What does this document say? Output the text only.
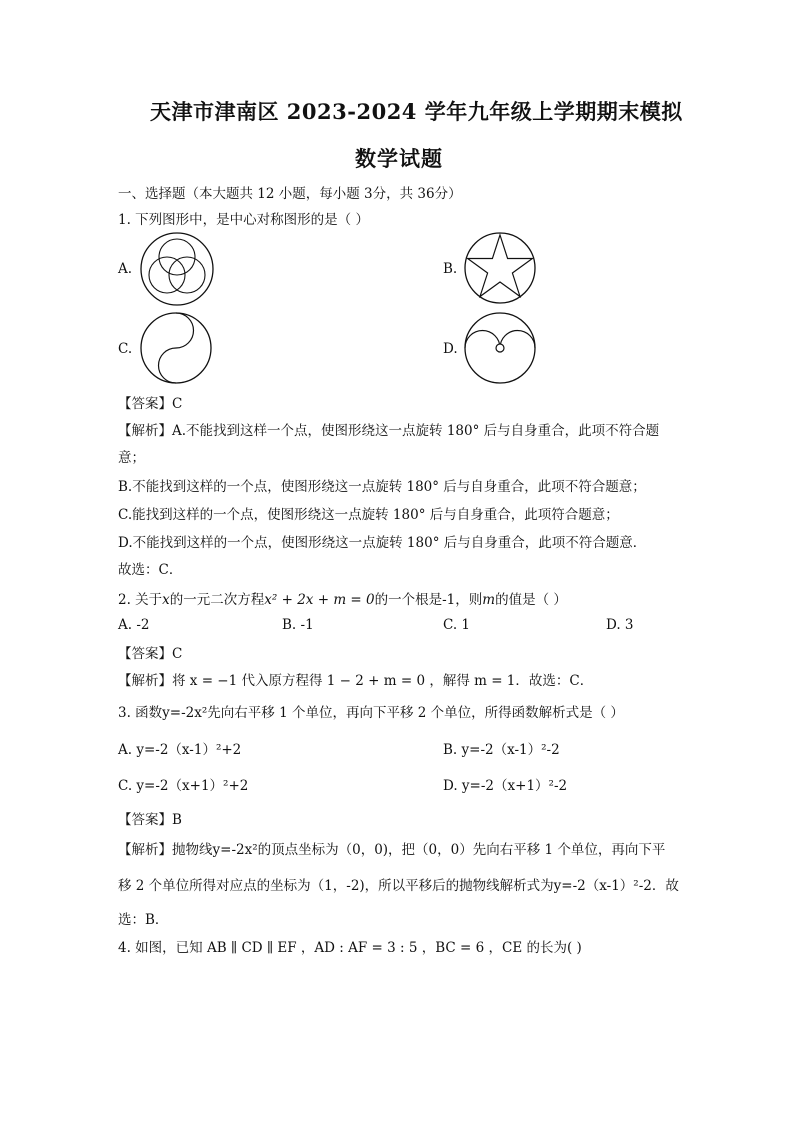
天津市津南区 2023-2024 学年九年级上学期期末模拟
数学试题
一、选择题（本大题共 12 小题，每小题 3分，共 36分）
1. 下列图形中，是中心对称图形的是（ ）
A.	B.
C.	D.
【答案】C
【解析】A.不能找到这样一个点，使图形绕这一点旋转 180° 后与自身重合，此项不符合题
意；
B.不能找到这样的一个点，使图形绕这一点旋转 180° 后与自身重合，此项不符合题意；
C.能找到这样的一个点，使图形绕这一点旋转 180° 后与自身重合，此项符合题意；
D.不能找到这样的一个点，使图形绕这一点旋转 180° 后与自身重合，此项不符合题意．
故选：C．
2. 关于x的一元二次方程x² + 2x + m = 0的一个根是-1，则m的值是（ ）
A. -2	B. -1	C. 1	D. 3
【答案】C
【解析】将 x = −1 代入原方程得 1 − 2 + m = 0 ，解得 m = 1．故选：C．
3. 函数y=-2x²先向右平移 1 个单位，再向下平移 2 个单位，所得函数解析式是（ ）
A. y=-2（x-1）²+2	B. y=-2（x-1）²-2
C. y=-2（x+1）²+2	D. y=-2（x+1）²-2
【答案】B
【解析】抛物线y=-2x²的顶点坐标为（0，0)，把（0，0）先向右平移 1 个单位，再向下平
移 2 个单位所得对应点的坐标为（1，-2)，所以平移后的抛物线解析式为y=-2（x-1）²-2．故
选：B．
4. 如图，已知 AB ∥ CD ∥ EF ，AD : AF = 3 : 5 ，BC = 6 ，CE 的长为( )
